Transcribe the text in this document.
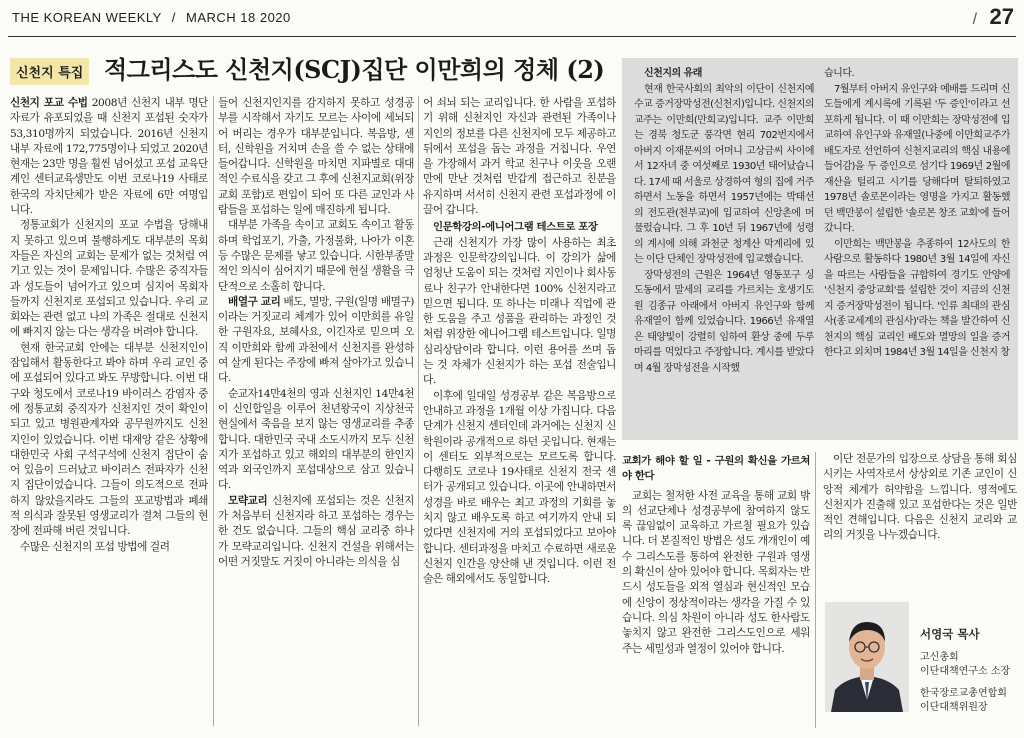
THE KOREAN WEEKLY / MARCH 18 2020	/ 27
신천지 특집 적그리스도 신천지(SCJ)집단 이만희의 정체 (2)

신천지 포교 수법 2008년 신천지 내부 명단자료가 유포되었을 때 신천지 포섭된 숫자가 53,310명까지 되었습니다. 2016년 신천지 내부 자료에 172,775명이나 되었고 2020년 현재는 23만 명을 훨씬 넘어섰고 포섭 교육단계인 센터교육생만도 이번 코로나19 사태로 한국의 자치단체가 받은 자료에 6만 여명입니다.

정통교회가 신천지의 포교 수법을 당해내지 못하고 있으며 불행하게도 대부분의 목회자들은 자신의 교회는 문제가 없는 것처럼 여기고 있는 것이 문제입니다. 수많은 중직자들과 성도들이 넘어가고 있으며 심지어 목회자들까지 신천지로 포섭되고 있습니다. 우리 교회와는 관련 없고 나의 가족은 절대로 신천지에 빠지지 않는 다는 생각을 버려야 합니다.

현재 한국교회 안에는 대부분 신천지인이 잠입해서 활동한다고 봐야 하며 우리 교인 중에 포섭되어 있다고 봐도 무방합니다. 이번 대구와 청도에서 코로나19 바이러스 감염자 중에 정통교회 중직자가 신천지인 것이 확인이 되고 있고 병원관계자와 공무원까지도 신천지인이 있었습니다. 이번 대재앙 같은 상황에 대한민국 사회 구석구석에 신천지 집단이 숨어 있음이 드러났고 바이러스 전파자가 신천지 집단이었습니다. 그들이 의도적으로 전파하지 않았을지라도 그들의 포교방법과 폐쇄적 의식과 잘못된 영생교리가 결쳐 그들의 현장에 전파해 버린 것입니다.

수많은 신천지의 포섭 방법에 걸려

들어 신천지인지를 감지하지 못하고 성경공부를 시작해서 자기도 모르는 사이에 세뇌되어 버리는 경우가 대부분입니다. 복음방, 센터, 신학원을 거치며 손을 쓸 수 없는 상태에 들어갑니다. 신학원을 마치면 지파별로 대대적인 수료식을 갖고 그 후에 신천지교회(위장교회 포함)로 편입이 되어 또 다른 교인과 사람들을 포섭하는 일에 매진하게 됩니다.

대부분 가족을 속이고 교회도 속이고 활동하며 학업포기, 가출, 가정불화, 나아가 이혼 등 수많은 문제를 낳고 있습니다. 시한부종말적인 의식이 심어지기 때문에 현실 생활을 극단적으로 소홀히 합니다.

배열구 교리 배도, 멸망, 구원(일명 배멸구)이라는 거짓교리 체계가 있어 이만희를 유일한 구원자요, 보혜사요, 이긴자로 믿으며 오직 이만희와 함께 과천에서 신천지를 완성하여 살게 된다는 주장에 빠져 살아가고 있습니다.

순교자14만4천의 영과 신천지인 14만4천이 신인합일을 이루어 천년왕국이 지상천국 현실에서 죽음을 보지 않는 영생교리를 추종합니다. 대한민국 국내 소도시까지 모두 신천지가 포섭하고 있고 해외의 대부분의 한인지역과 외국인까지 포섭대상으로 삼고 있습니다.

모략교리 신천지에 포섭되는 것은 신천지가 처음부터 신천지라 하고 포섭하는 경우는 한 건도 없습니다. 그들의 핵심 교리중 하나가 모략교리입니다. 신천지 건설을 위해서는 어떤 거짓말도 거짓이 아니라는 의식을 심

어 쇠뇌 되는 교리입니다. 한 사람을 포섭하기 위해 신천지인 자신과 관련된 가족이나 지인의 정보를 다른 신천지에 모두 제공하고 뒤에서 포섭을 돕는 과정을 거칩니다. 우연을 가장해서 과거 학교 친구나 이웃을 오랜만에 만난 것처럼 반갑게 접근하고 친분을 유지하며 서서히 신천지 관련 포섭과정에 이끌어 갑니다.

인문학강의-에니어그램 테스트로 포장

근래 신천지가 가장 많이 사용하는 최초 과정은 인문학강의입니다. 이 강의가 삶에 엄청난 도움이 되는 것처럼 지인이나 회사동료나 친구가 안내한다면 100% 신천지라고 믿으면 됩니다. 또 하나는 미래나 직업에 관한 도움을 주고 성품을 관리하는 과정인 것처럼 위장한 에니어그램 테스트입니다. 일명 심리상담이라 합니다. 이런 용어를 쓰며 돕는 것 자체가 신천지가 하는 포섭 전술입니다.

이후에 일대일 성경공부 같은 복음방으로 안내하고 과정을 1개월 이상 가집니다. 다음 단계가 신천지 센터인데 과거에는 신천지 신학원이라 공개적으로 하던 곳입니다. 현재는 이 센터도 외부적으로는 모르도록 합니다. 다행히도 코로나 19사태로 신천지 전국 센터가 공개되고 있습니다. 이곳에 안내하면서 성경을 바로 배우는 최고 과정의 기회를 놓치지 않고 배우도록 하고 여기까지 안내 되었다면 신천지에 거의 포섭되었다고 보아야 합니다. 센터과정을 마치고 수료하면 새로운 신천지 인간을 양산해 낸 것입니다. 이런 전술은 해외에서도 동일합니다.

신천지의 유래

현재 한국사회의 최악의 이단이 신천지예수교 증거장막성전(신천지)입니다. 신천지의 교주는 이만희(만희교)입니다. 교주 이만희는 경북 청도군 풍각면 현리 702번지에서 아버지 이재문씨의 어머니 고상금씨 사이에서 12자녀 중 여섯째로 1930년 태어났습니다. 17세 때 서울로 상경하여 형의 집에 거주하면서 노동을 하면서 1957년에는 박태선의 전도관(천부교)에 입교하여 신앙촌에 머물렀습니다. 그 후 10년 뒤 1967년에 성령의 계시에 의해 과천군 청계산 막계리에 있는 이단 단체인 장막성전에 입교했습니다.

장막성전의 근원은 1964년 영동포구 싱도동에서 말세의 교리를 가르치는 호생기도원 김종규 아래에서 아버지 유인구와 함께 유재열이 함께 있었습니다. 1966년 유재열은 태양빛이 강렬히 임하여 환상 중에 두루마리를 먹었다고 주장합니다. 계시를 받았다며 4월 장막성전을 시작했

습니다.

7월부터 아버지 유인구와 예배를 드리며 신도들에게 계시록에 기록된 '두 증인'이라고 선포하게 됩니다. 이 때 이만희는 장막성전에 입교하여 유인구와 유재열(나중에 이만희교주가 배도자로 선언하여 신천지교리의 핵심 내용에 들어감)을 두 증인으로 섬기다 1969년 2월에 재산을 털리고 시기를 당해다며 탈퇴하였고 1978년 솔로몬이라는 영명을 가지고 활동했던 백만봉이 설립한 '솔로몬 창조 교회'에 들어갔니다.

이만희는 백만봉을 추종하여 12사도의 한 사람으로 활동하다 1980년 3월 14일에 자신을 따르는 사람들을 규합하여 경기도 안양에 '신천지 중앙교회'를 설립한 것이 지금의 신천지 증거장막성전이 됩니다. '인류 최대의 관심사(종교세계의 관심사)'라는 책을 발간하여 신천지의 핵심 교리인 배도와 멸망의 일을 증거한다고 외치며 1984년 3월 14일을 신천지 창

교회가 해야 할 일 - 구원의 확신을 가르쳐야 한다

교회는 철저한 사전 교육을 통해 교회 밖의 선교단체나 성경공부에 참여하지 않도록 끊임없이 교육하고 가르칠 필요가 있습니다. 더 본질적인 방법은 성도 개개인이 예수 그리스도를 통하여 완전한 구원과 영생의 확신이 살아 있어야 합니다. 목회자는 반드시 성도들을 외적 열심과 현신적인 모습에 신앙이 정상적이라는 생각을 가질 수 있습니다. 의심 차원이 아니라 성도 한사람도 놓치지 않고 완전한 그리스도인으로 세워주는 세밀성과 열정이 있어야 합니다.

이단 전문가의 입장으로 상담을 통해 회심시키는 사역자로서 상상외로 기존 교인이 신앙적 체계가 허약함을 느낍니다. 영적에도 신천지가 진출해 있고 포섭한다는 것은 일반적인 견해입니다. 다음은 신천지 교리와 교리의 거짓을 나누겠습니다.

서영국 목사
고신총회
이단대책연구소 소장
한국장로교총연합회
이단대책위원장
